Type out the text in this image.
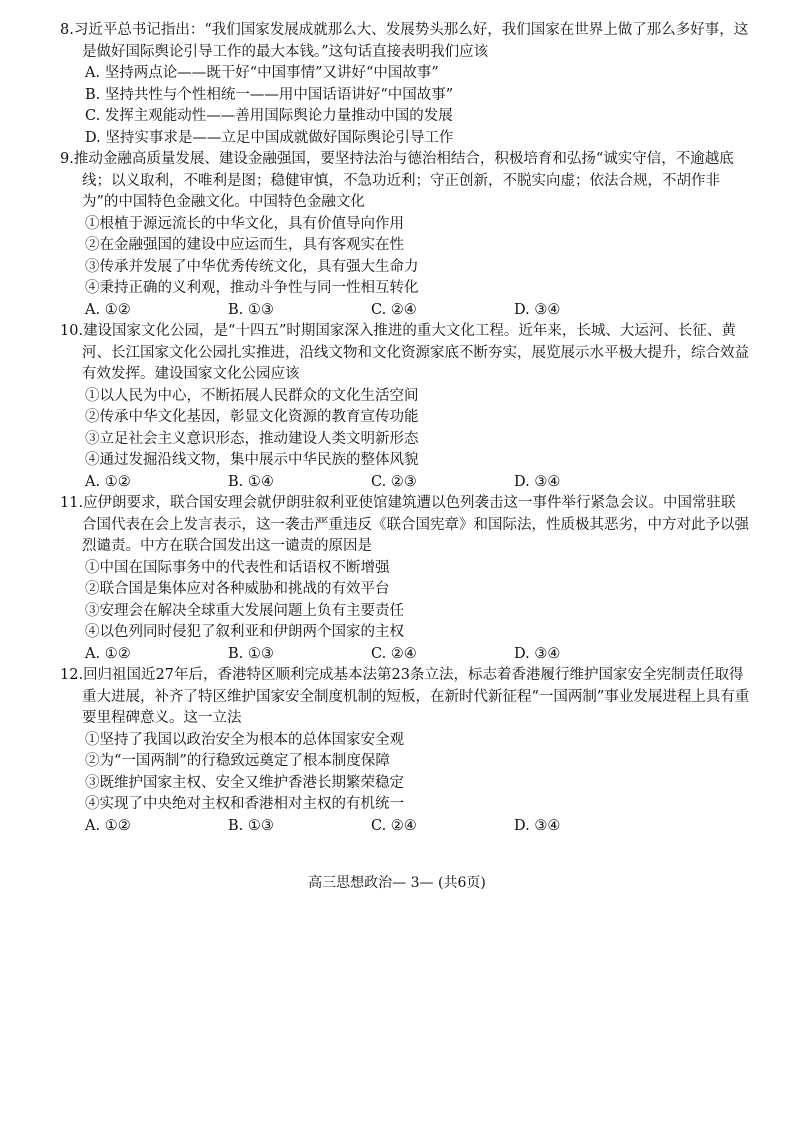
8.习近平总书记指出：“我们国家发展成就那么大、发展势头那么好，我们国家在世界上做了那么多好事，这是做好国际舆论引导工作的最大本钱。”这句话直接表明我们应该

A. 坚持两点论——既干好“中国事情”又讲好“中国故事”
B. 坚持共性与个性相统一——用中国话语讲好“中国故事”
C. 发挥主观能动性——善用国际舆论力量推动中国的发展
D. 坚持实事求是——立足中国成就做好国际舆论引导工作

9.推动金融高质量发展、建设金融强国，要坚持法治与德治相结合，积极培育和弘扬“诚实守信，不逾越底线；以义取利，不唯利是图；稳健审慎，不急功近利；守正创新，不脱实向虚；依法合规，不胡作非为”的中国特色金融文化。中国特色金融文化

①根植于源远流长的中华文化，具有价值导向作用
②在金融强国的建设中应运而生，具有客观实在性
③传承并发展了中华优秀传统文化，具有强大生命力
④秉持正确的义利观，推动斗争性与同一性相互转化
A. ①②	B. ①③	C. ②④	D. ③④

10.建设国家文化公园，是“十四五”时期国家深入推进的重大文化工程。近年来，长城、大运河、长征、黄河、长江国家文化公园扎实推进，沿线文物和文化资源家底不断夯实，展览展示水平极大提升，综合效益有效发挥。建设国家文化公园应该

①以人民为中心，不断拓展人民群众的文化生活空间
②传承中华文化基因，彰显文化资源的教育宣传功能
③立足社会主义意识形态，推动建设人类文明新形态
④通过发掘沿线文物，集中展示中华民族的整体风貌
A. ①②	B. ①④	C. ②③	D. ③④

11.应伊朗要求，联合国安理会就伊朗驻叙利亚使馆建筑遭以色列袭击这一事件举行紧急会议。中国常驻联合国代表在会上发言表示，这一袭击严重违反《联合国宪章》和国际法，性质极其恶劣，中方对此予以强烈谴责。中方在联合国发出这一谴责的原因是

①中国在国际事务中的代表性和话语权不断增强
②联合国是集体应对各种威胁和挑战的有效平台
③安理会在解决全球重大发展问题上负有主要责任
④以色列同时侵犯了叙利亚和伊朗两个国家的主权
A. ①②	B. ①③	C. ②④	D. ③④

12.回归祖国近27年后，香港特区顺利完成基本法第23条立法，标志着香港履行维护国家安全宪制责任取得重大进展，补齐了特区维护国家安全制度机制的短板，在新时代新征程“一国两制”事业发展进程上具有重要里程碑意义。这一立法

①坚持了我国以政治安全为根本的总体国家安全观
②为“一国两制”的行稳致远奠定了根本制度保障
③既维护国家主权、安全又维护香港长期繁荣稳定
④实现了中央绝对主权和香港相对主权的有机统一
A. ①②	B. ①③	C. ②④	D. ③④
高三思想政治— 3— (共6页)
